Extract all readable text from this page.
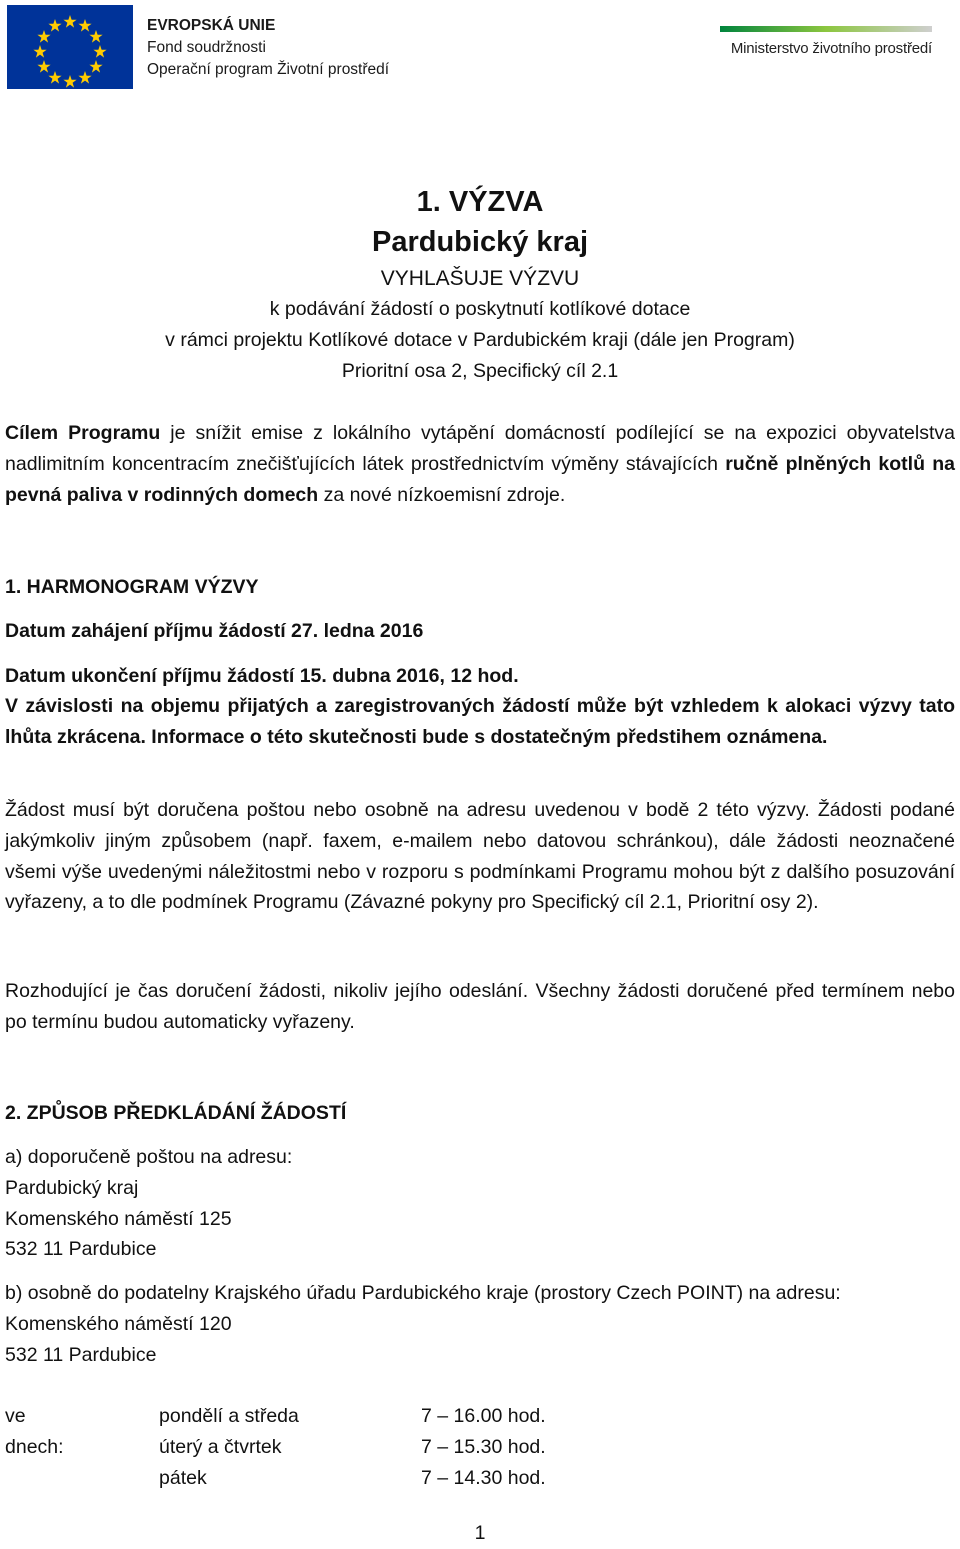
EVROPSKÁ UNIE
Fond soudržnosti
Operační program Životní prostředí
Ministerstvo životního prostředí
1. VÝZVA
Pardubický kraj
VYHLAŠUJE VÝZVU
k podávání žádostí o poskytnutí kotlíkové dotace
v rámci projektu Kotlíkové dotace v Pardubickém kraji (dále jen Program)
Prioritní osa 2, Specifický cíl 2.1
Cílem Programu je snížit emise z lokálního vytápění domácností podílející se na expozici obyvatelstva nadlimitním koncentracím znečišťujících látek prostřednictvím výměny stávajících ručně plněných kotlů na pevná paliva v rodinných domech za nové nízkoemisní zdroje.
1. HARMONOGRAM VÝZVY
Datum zahájení příjmu žádostí 27. ledna 2016
Datum ukončení příjmu žádostí 15. dubna 2016, 12 hod.
V závislosti na objemu přijatých a zaregistrovaných žádostí může být vzhledem k alokaci výzvy tato lhůta zkrácena. Informace o této skutečnosti bude s dostatečným předstihem oznámena.
Žádost musí být doručena poštou nebo osobně na adresu uvedenou v bodě 2 této výzvy. Žádosti podané jakýmkoliv jiným způsobem (např. faxem, e-mailem nebo datovou schránkou), dále žádosti neoznačené všemi výše uvedenými náležitostmi nebo v rozporu s podmínkami Programu mohou být z dalšího posuzování vyřazeny, a to dle podmínek Programu (Závazné pokyny pro Specifický cíl 2.1, Prioritní osy 2).
Rozhodující je čas doručení žádosti, nikoliv jejího odeslání. Všechny žádosti doručené před termínem nebo po termínu budou automaticky vyřazeny.
2. ZPŮSOB PŘEDKLÁDÁNÍ ŽÁDOSTÍ
a) doporučeně poštou na adresu:
Pardubický kraj
Komenského náměstí 125
532 11 Pardubice
b) osobně do podatelny Krajského úřadu Pardubického kraje (prostory Czech POINT) na adresu:
Komenského náměstí 120
532 11 Pardubice
ve dnech:
pondělí a středa	7 – 16.00 hod.
úterý a čtvrtek	7 – 15.30 hod.
pátek	7 – 14.30 hod.
1
